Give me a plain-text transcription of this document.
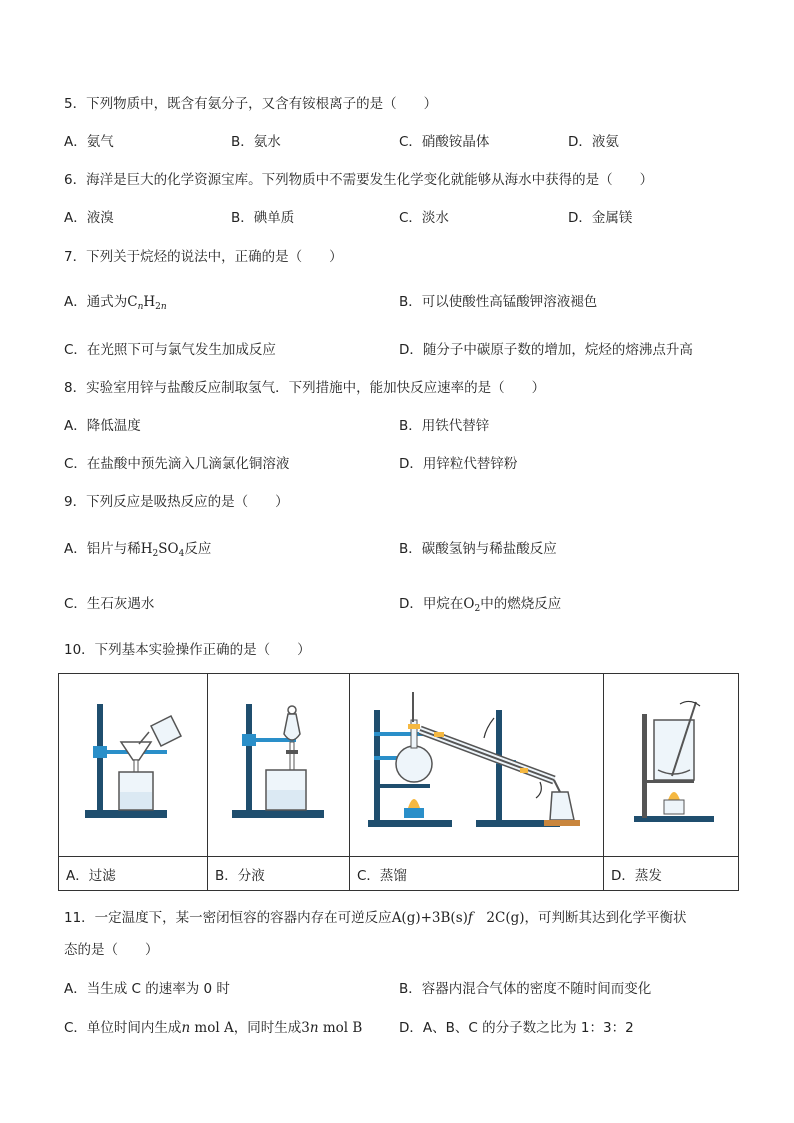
5．下列物质中，既含有氨分子，又含有铵根离子的是（　　）
A．氨气	B．氨水	C．硝酸铵晶体	D．液氨
6．海洋是巨大的化学资源宝库。下列物质中不需要发生化学变化就能够从海水中获得的是（　　）
A．液溴	B．碘单质	C．淡水	D．金属镁
7．下列关于烷烃的说法中，正确的是（　　）
A．通式为$C_nH_{2n}$	B．可以使酸性高锰酸钾溶液褪色
C．在光照下可与氯气发生加成反应	D．随分子中碳原子数的增加，烷烃的熔沸点升高
8．实验室用锌与盐酸反应制取氢气．下列措施中，能加快反应速率的是（　　）
A．降低温度	B．用铁代替锌
C．在盐酸中预先滴入几滴氯化铜溶液	D．用锌粒代替锌粉
9．下列反应是吸热反应的是（　　）
A．铝片与稀$H_2SO_4$反应	B．碳酸氢钠与稀盐酸反应
C．生石灰遇水	D．甲烷在$O_2$中的燃烧反应
10．下列基本实验操作正确的是（　　）

A．过滤	B．分液	C．蒸馏	D．蒸发
11．一定温度下，某一密闭恒容的容器内存在可逆反应A(g)+3B(s)f　2C(g)，可判断其达到化学平衡状
态的是（　　）
A．当生成 C 的速率为 0 时	B．容器内混合气体的密度不随时间而变化
C．单位时间内生成n mol A，同时生成3n mol B	D．A、B、C 的分子数之比为 1：3：2
